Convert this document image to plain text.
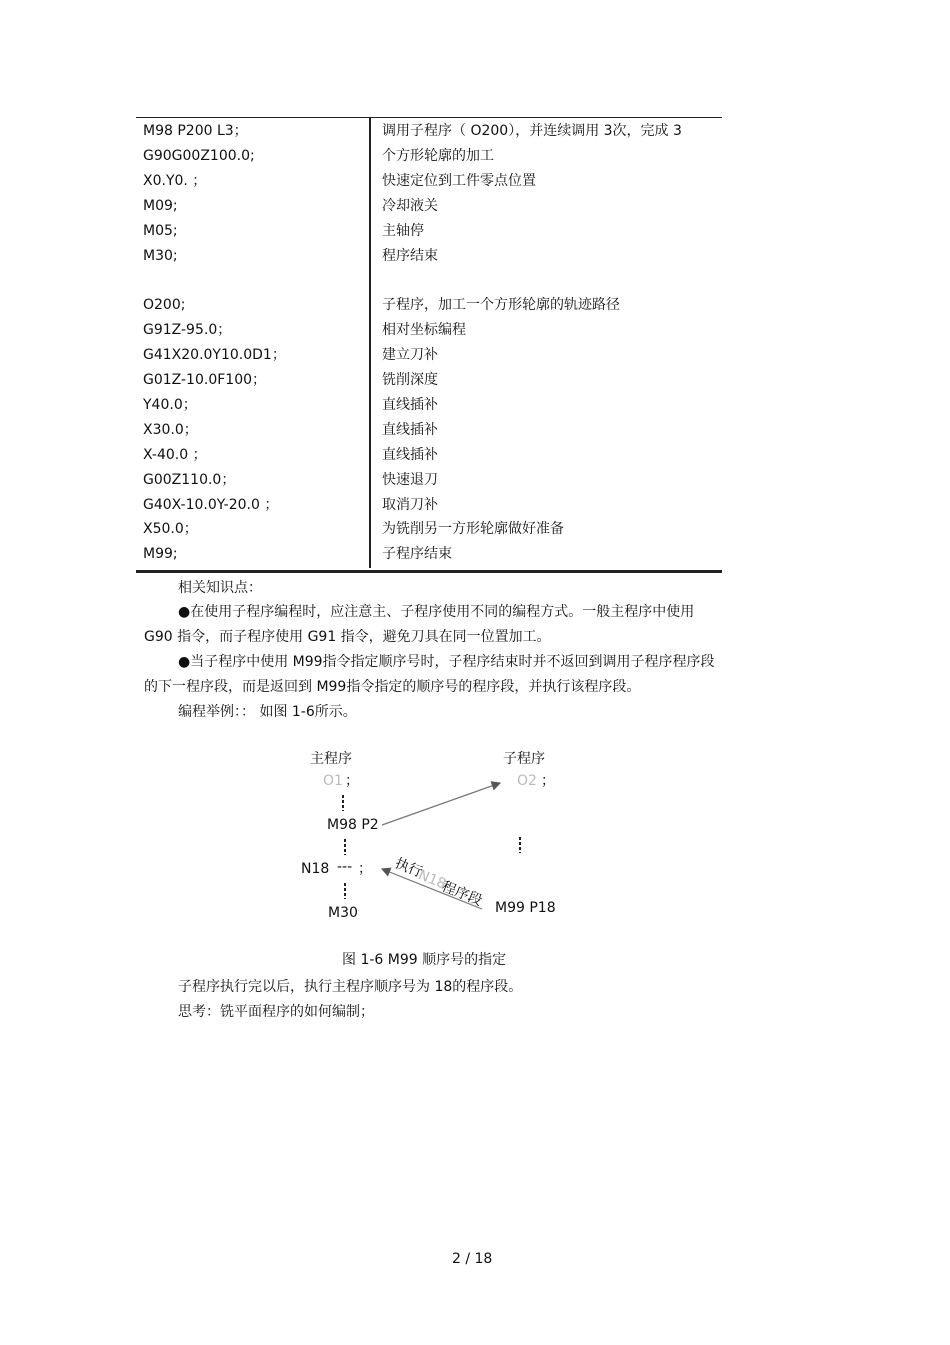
M98 P200 L3；	调用子程序（ O200），并连续调用 3次，完成 3
G90G00Z100.0;	个方形轮廓的加工
X0.Y0. ；	快速定位到工件零点位置
M09;	冷却液关
M05;	主轴停
M30;	程序结束
O200;	子程序，加工一个方形轮廓的轨迹路径
G91Z-95.0；	相对坐标编程
G41X20.0Y10.0D1；	建立刀补
G01Z-10.0F100；	铣削深度
Y40.0；	直线插补
X30.0；	直线插补
X-40.0 ；	直线插补
G00Z110.0；	快速退刀
G40X-10.0Y-20.0 ；	取消刀补
X50.0；	为铣削另一方形轮廓做好准备
M99;	子程序结束
相关知识点：
●在使用子程序编程时，应注意主、子程序使用不同的编程方式。一般主程序中使用
G90 指令，而子程序使用 G91 指令，避免刀具在同一位置加工。
●当子程序中使用 M99指令指定顺序号时，子程序结束时并不返回到调用子程序程序段
的下一程序段，而是返回到 M99指令指定的顺序号的程序段，并执行该程序段。
编程举例：： 如图 1-6所示。
主程序	子程序
O1 ；	O2 ；
M98 P2
N18 --- ；
M30
执行
N18
程序段 M99 P18
图 1-6 M99 顺序号的指定
子程序执行完以后，执行主程序顺序号为 18的程序段。
思考：铣平面程序的如何编制；
2 / 18
